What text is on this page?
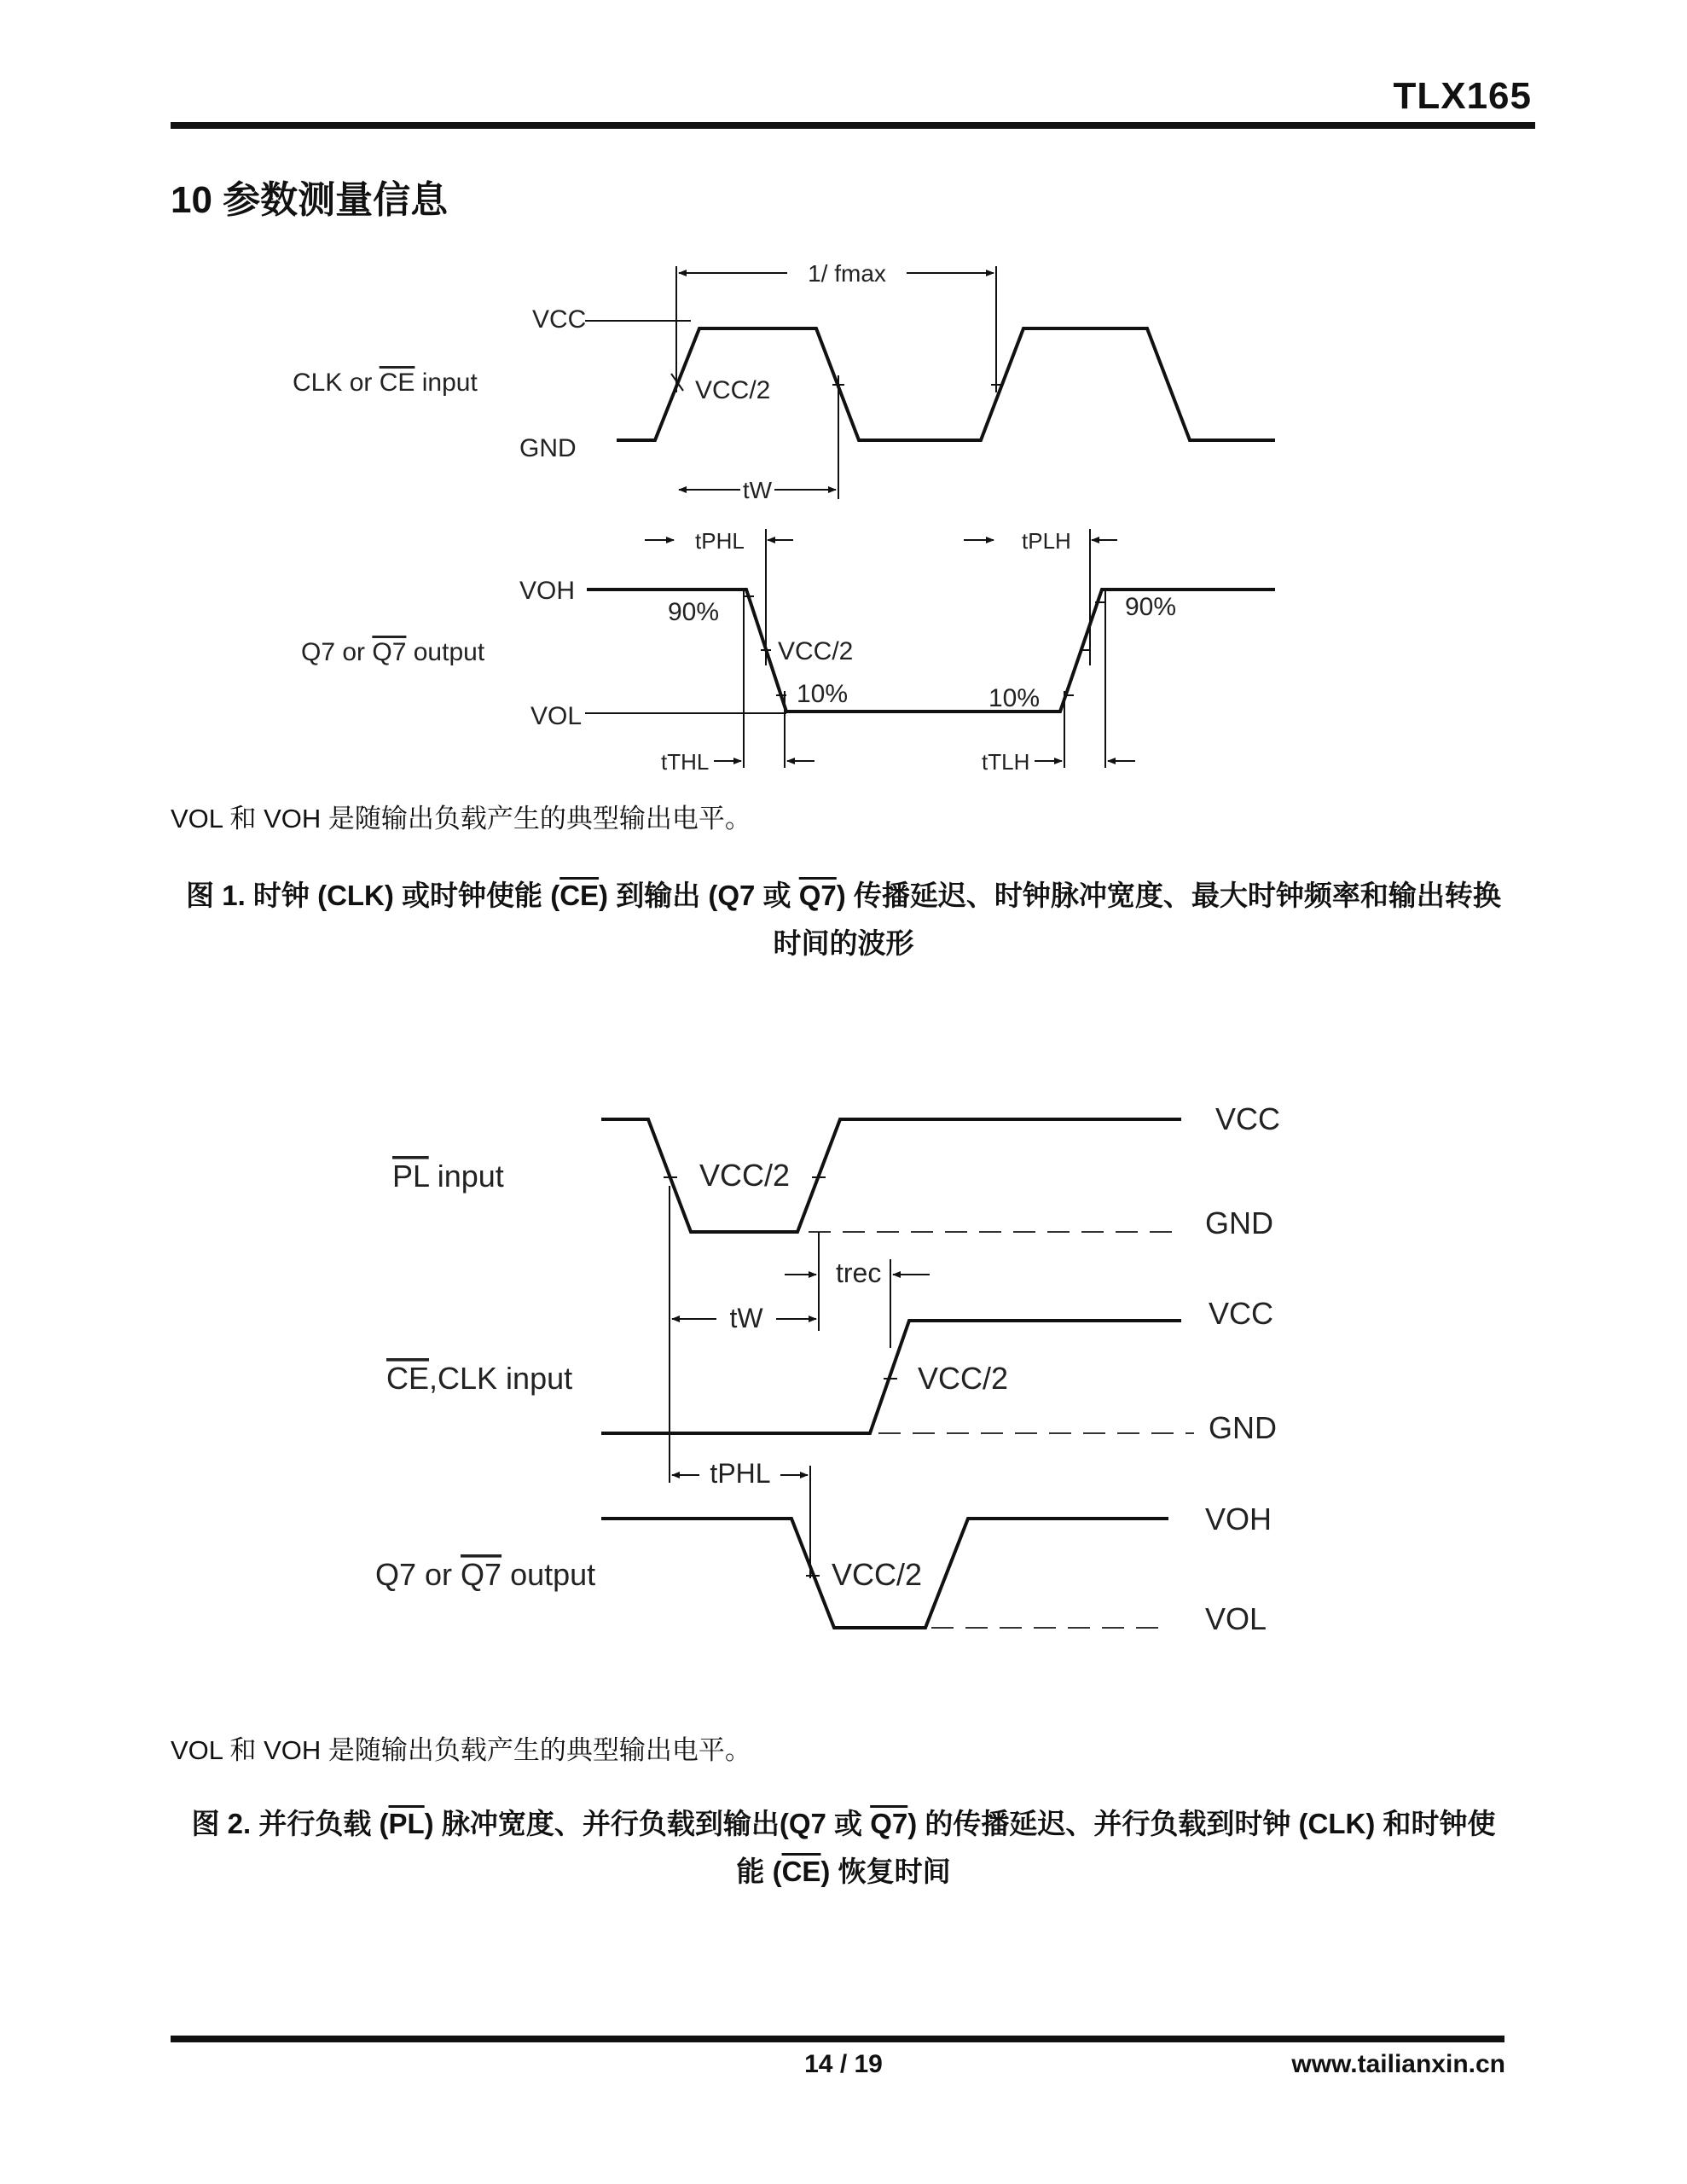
TLX165
10 参数测量信息
1/ fmax
VCC
CLK or CE input
GND
VCC/2
tW
tPHL	tPLH
VOH
Q7 or Q7 output
VOL
90%
VCC/2
10%	10%
90%
tTHL	tTLH
VOL 和 VOH 是随输出负载产生的典型输出电平。
图 1. 时钟 (CLK) 或时钟使能 $(\overline{CE})$ 到输出 (Q7 或 Q7) 传播延迟、时钟脉冲宽度、最大时钟频率和输出转换
时间的波形
PL input	VCC/2
VCC
GND
trec
tW
CE,CLK input	VCC/2
VCC
GND
tPHL
Q7 or Q7 output	VCC/2
VOH
VOL
VOL 和 VOH 是随输出负载产生的典型输出电平。
图 2. 并行负载 $(\overline{PL})$ 脉冲宽度、并行负载到输出(Q7 或 Q7) 的传播延迟、并行负载到时钟 (CLK) 和时钟使
能 $(\overline{CE})$ 恢复时间
14 / 19	www.tailianxin.cn
